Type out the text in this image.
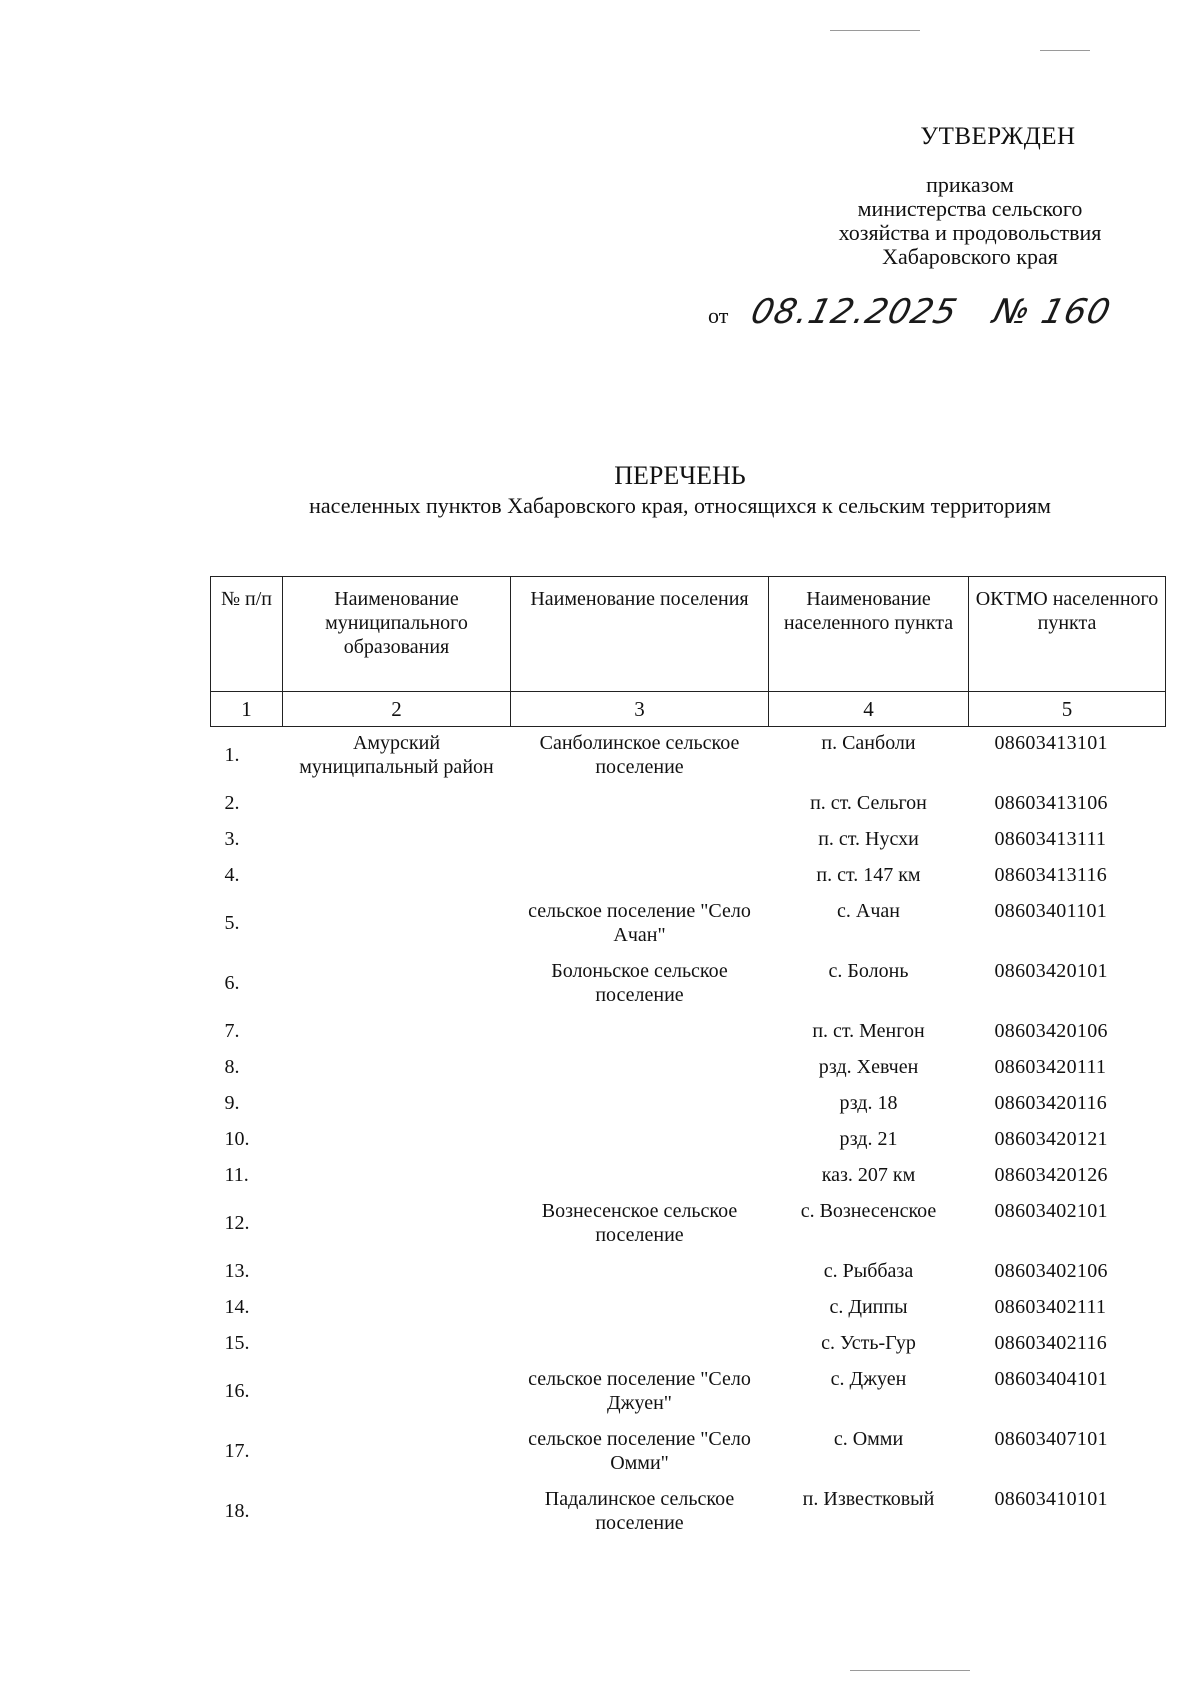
УТВЕРЖДЕН
приказом
министерства сельского
хозяйства и продовольствия
Хабаровского края
от 08.12.2025 № 160
ПЕРЕЧЕНЬ
населенных пунктов Хабаровского края, относящихся к сельским территориям
№ п/п	Наименование муниципального образования	Наименование поселения	Наименование населенного пункта	ОКТМО населенного пункта
1	2	3	4	5
1.	Амурский муниципальный район	Санболинское сельское поселение	п. Санболи	08603413101
2.			п. ст. Сельгон	08603413106
3.			п. ст. Нусхи	08603413111
4.			п. ст. 147 км	08603413116
5.		сельское поселение "Село Ачан"	с. Ачан	08603401101
6.		Болоньское сельское поселение	с. Болонь	08603420101
7.			п. ст. Менгон	08603420106
8.			рзд. Хевчен	08603420111
9.			рзд. 18	08603420116
10.			рзд. 21	08603420121
11.			каз. 207 км	08603420126
12.		Вознесенское сельское поселение	с. Вознесенское	08603402101
13.			с. Рыббаза	08603402106
14.			с. Диппы	08603402111
15.			с. Усть-Гур	08603402116
16.		сельское поселение "Село Джуен"	с. Джуен	08603404101
17.		сельское поселение "Село Омми"	с. Омми	08603407101
18.		Падалинское сельское поселение	п. Известковый	08603410101
